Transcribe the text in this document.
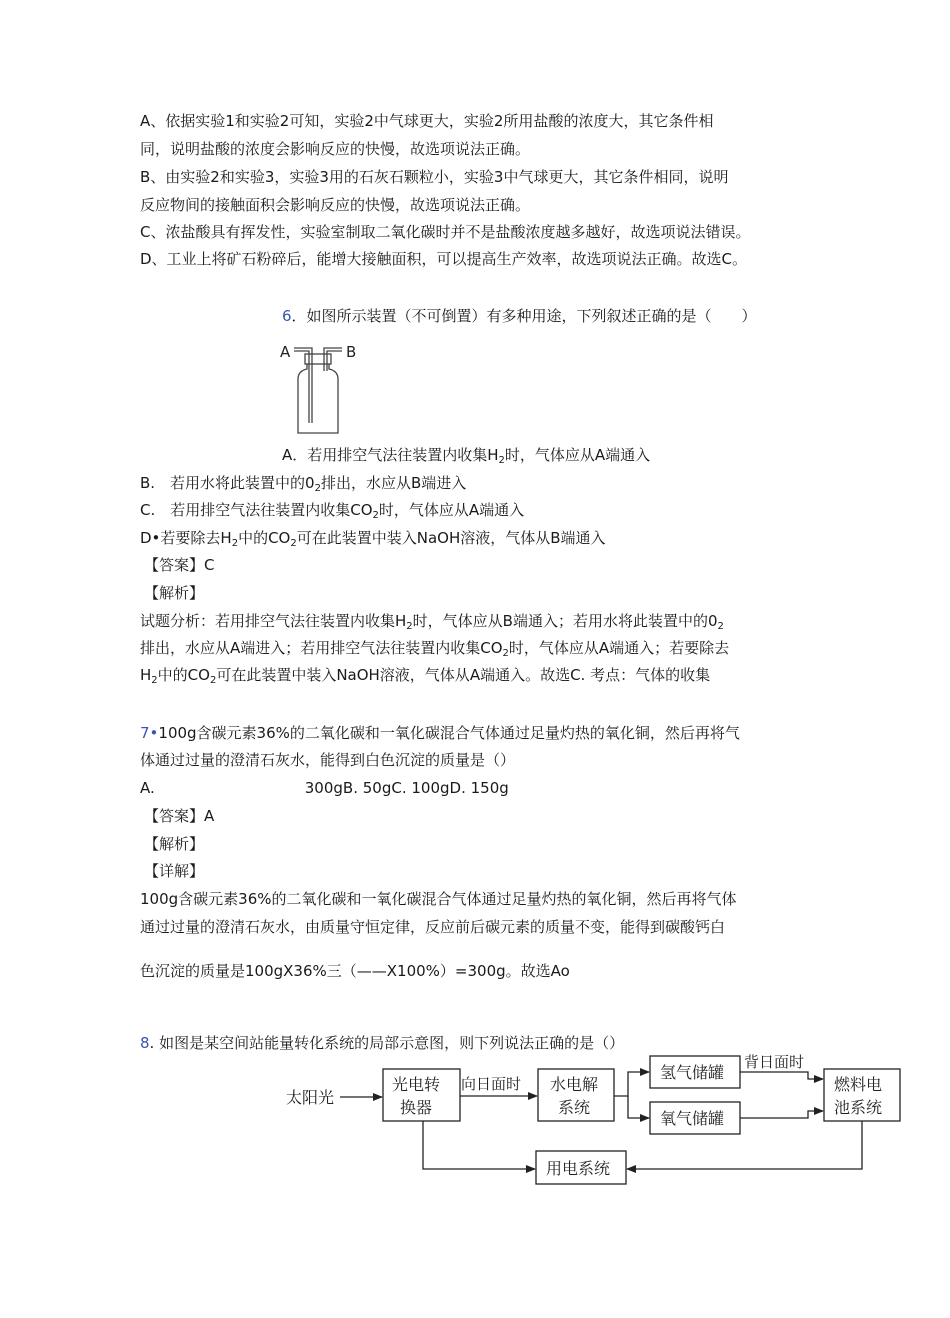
A、依据实验1和实验2可知，实验2中气球更大，实验2所用盐酸的浓度大，其它条件相
同，说明盐酸的浓度会影响反应的快慢，故选项说法正确。
B、由实验2和实验3，实验3用的石灰石颗粒小，实验3中气球更大，其它条件相同，说明
反应物间的接触面积会影响反应的快慢，故选项说法正确。
C、浓盐酸具有挥发性，实验室制取二氧化碳时并不是盐酸浓度越多越好，故选项说法错误。
D、工业上将矿石粉碎后，能增大接触面积，可以提高生产效率，故选项说法正确。故选C。
6．如图所示装置（不可倒置）有多种用途，下列叙述正确的是（　　）
A	B
A．若用排空气法往装置内收集$H_2$时，气体应从A端通入
B.　若用水将此装置中的$0_2$排出，水应从B端进入
C.　若用排空气法往装置内收集$CO_2$时，气体应从A端通入
D•若要除去$H_2$中的$CO_2$可在此装置中装入NaOH溶液，气体从B端通入
【答案】C
【解析】
试题分析：若用排空气法往装置内收集$H_2$时，气体应从B端通入；若用水将此装置中的$0_2$
排出，水应从A端进入；若用排空气法往装置内收集$CO_2$时，气体应从A端通入；若要除去
$H_2$中的$CO_2$可在此装置中装入NaOH溶液，气体从A端通入。故选C. 考点：气体的收集
7•100g含碳元素36%的二氧化碳和一氧化碳混合气体通过足量灼热的氧化铜，然后再将气
体通过过量的澄清石灰水，能得到白色沉淀的质量是（）
A.	300gB. 50gC. 100gD. 150g
【答案】A
【解析】
【详解】
100g含碳元素36%的二氧化碳和一氧化碳混合气体通过足量灼热的氧化铜，然后再将气体
通过过量的澄清石灰水，由质量守恒定律，反应前后碳元素的质量不变，能得到碳酸钙白
色沉淀的质量是100gX36%三（——X100%）=300g。故选Ao
8. 如图是某空间站能量转化系统的局部示意图，则下列说法正确的是（）
太阳光
光电转
换器
向日面时 水电解
系统
氢气储罐
氧气储罐
背日面时
燃料电
池系统
用电系统
